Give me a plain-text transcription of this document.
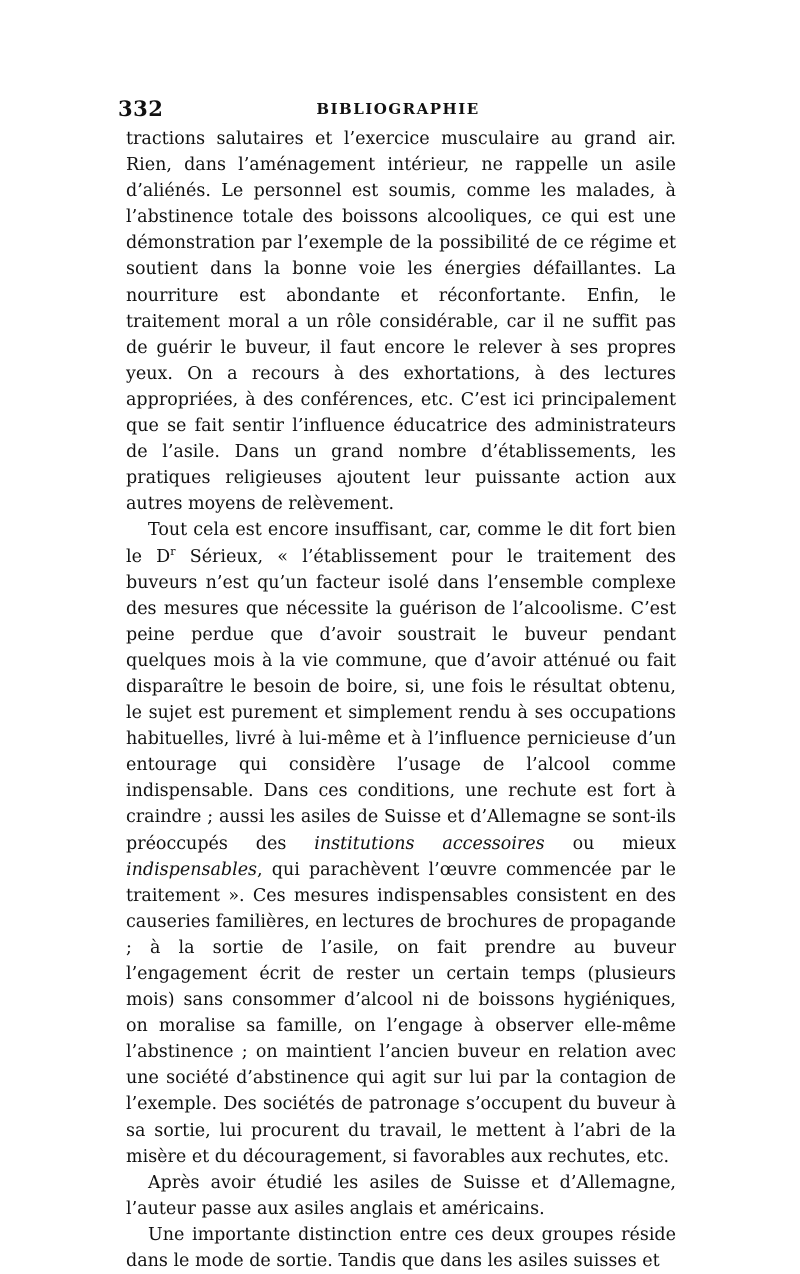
332	BIBLIOGRAPHIE

tractions salutaires et l’exercice musculaire au grand air. Rien, dans l’aménagement intérieur, ne rappelle un asile d’aliénés. Le personnel est soumis, comme les malades, à l’abstinence totale des boissons alcooliques, ce qui est une démonstration par l’exemple de la possibilité de ce régime et soutient dans la bonne voie les énergies défaillantes. La nourriture est abondante et réconfortante. Enfin, le traitement moral a un rôle considérable, car il ne suffit pas de guérir le buveur, il faut encore le relever à ses propres yeux. On a recours à des exhortations, à des lectures appropriées, à des conférences, etc. C’est ici principalement que se fait sentir l’influence éducatrice des administrateurs de l’asile. Dans un grand nombre d’établissements, les pratiques religieuses ajoutent leur puissante action aux autres moyens de relèvement.

Tout cela est encore insuffisant, car, comme le dit fort bien le $D^r$ Sérieux, « l’établissement pour le traitement des buveurs n’est qu’un facteur isolé dans l’ensemble complexe des mesures que nécessite la guérison de l’alcoolisme. C’est peine perdue que d’avoir soustrait le buveur pendant quelques mois à la vie commune, que d’avoir atténué ou fait disparaître le besoin de boire, si, une fois le résultat obtenu, le sujet est purement et simplement rendu à ses occupations habituelles, livré à lui-même et à l’influence pernicieuse d’un entourage qui considère l’usage de l’alcool comme indispensable. Dans ces conditions, une rechute est fort à craindre ; aussi les asiles de Suisse et d’Allemagne se sont-ils préoccupés des institutions accessoires ou mieux indispensables, qui parachèvent l’œuvre commencée par le traitement ». Ces mesures indispensables consistent en des causeries familières, en lectures de brochures de propagande ; à la sortie de l’asile, on fait prendre au buveur l’engagement écrit de rester un certain temps (plusieurs mois) sans consommer d’alcool ni de boissons hygiéniques, on moralise sa famille, on l’engage à observer elle-même l’abstinence ; on maintient l’ancien buveur en relation avec une société d’abstinence qui agit sur lui par la contagion de l’exemple. Des sociétés de patronage s’occupent du buveur à sa sortie, lui procurent du travail, le mettent à l’abri de la misère et du découragement, si favorables aux rechutes, etc.

Après avoir étudié les asiles de Suisse et d’Allemagne, l’auteur passe aux asiles anglais et américains.

Une importante distinction entre ces deux groupes réside dans le mode de sortie. Tandis que dans les asiles suisses et
